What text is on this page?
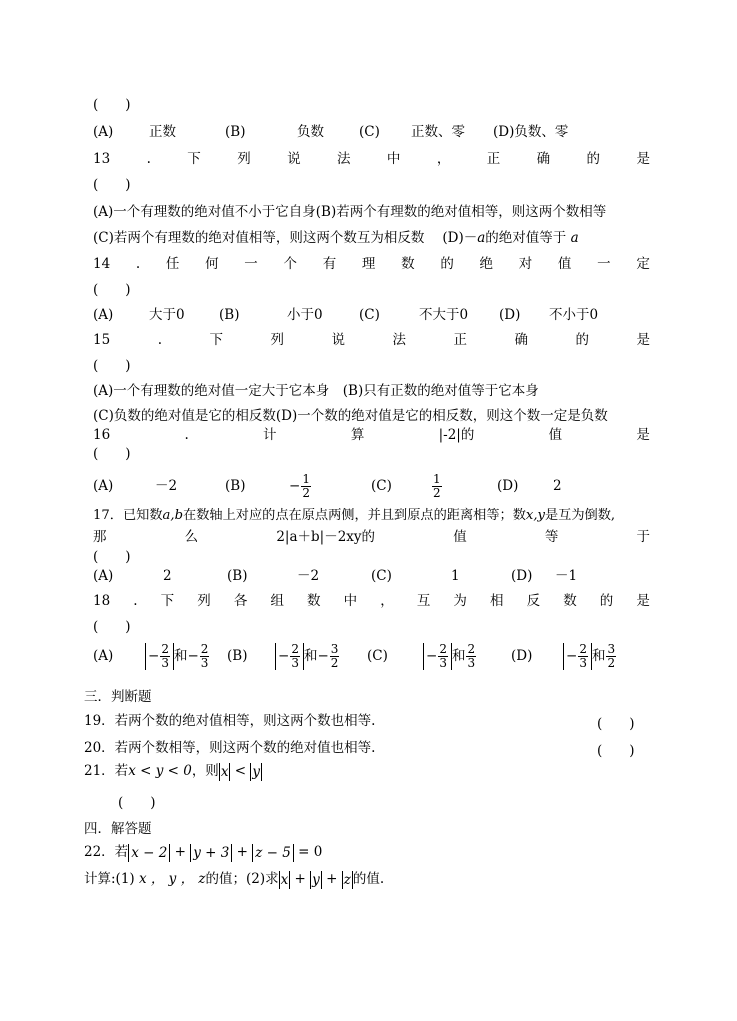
(　　)
(A)	正数	(B)	负数	(C)	正数、零	(D)负数、零
13	.	下	列	说	法	中	，	正	确	的	是
(　　)
(A)一个有理数的绝对值不小于它自身(B)若两个有理数的绝对值相等，则这两个数相等
(C)若两个有理数的绝对值相等，则这两个数互为相反数 (D)－a的绝对值等于 a
14 . 任 何 一 个 有 理 数 的 绝 对 值 一 定
(　　)
(A)	大于0	(B)	小于0	(C)	不大于0	(D)	不小于0
15	.	下	列	说	法	正	确	的	是
(　　)
(A)一个有理数的绝对值一定大于它本身　(B)只有正数的绝对值等于它本身
(C)负数的绝对值是它的相反数(D)一个数的绝对值是它的相反数，则这个数一定是负数
16	.	计	算	|-2|的	值	是
(　　)
(A)	－2	(B)	− $\frac{1}{2}$	(C)	$\frac{1}{2}$	(D)	2
17．已知数a,b在数轴上对应的点在原点两侧，并且到原点的距离相等；数x,y是互为倒数,
那	么	2|a＋b|－2xy的	值	等	于
(　　)
(A)	2	(B)	－2	(C)	1	(D)	－1
18 . 下 列 各 组 数 中 ， 互 为 相 反 数 的 是
(　　)
(A)	− $\frac{2}{3}$ 和− $\frac{2}{3} (B)$	− $\frac{2}{3}$ 和− $\frac{3}{2} (C)$	− $\frac{2}{3}$ 和 $\frac{2}{3}$	(D)	− $\frac{2}{3}$ 和 $\frac{3}{2}$
三．判断题
19．若两个数的绝对值相等，则这两个数也相等.	(　　)
20．若两个数相等，则这两个数的绝对值也相等.	(　　)
21．若x < y < 0，则 x < y
(　　)
四．解答题
22．若 x − 2 + y + 3 + z − 5 = 0
计算:(1) x ， y ， z的值；(2)求 x + y + z 的值.
